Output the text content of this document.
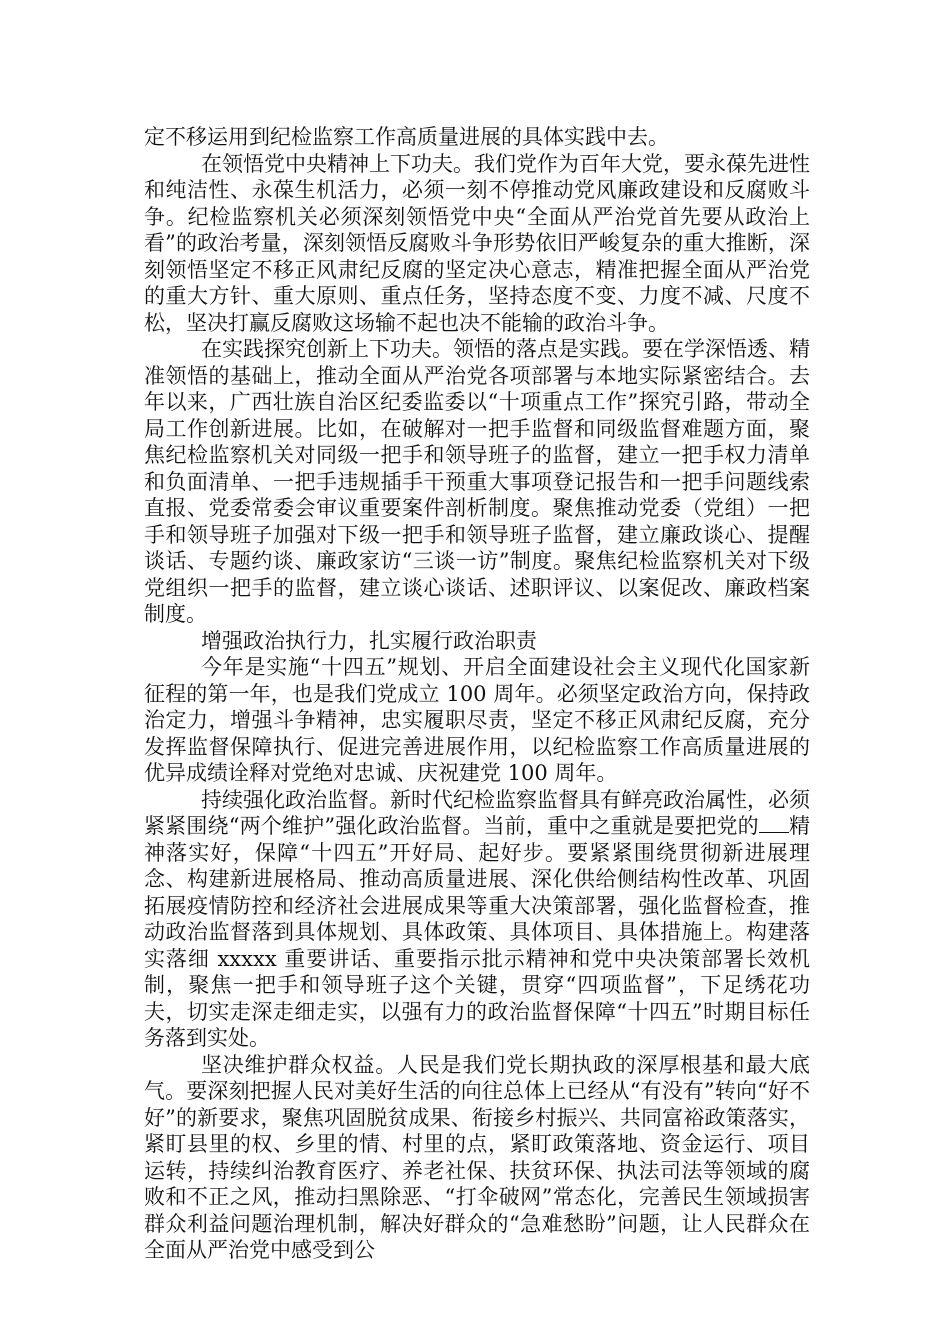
定不移运用到纪检监察工作高质量进展的具体实践中去。

在领悟党中央精神上下功夫。我们党作为百年大党，要永葆先进性和纯洁性、永葆生机活力，必须一刻不停推动党风廉政建设和反腐败斗争。纪检监察机关必须深刻领悟党中央“全面从严治党首先要从政治上看”的政治考量，深刻领悟反腐败斗争形势依旧严峻复杂的重大推断，深刻领悟坚定不移正风肃纪反腐的坚定决心意志，精准把握全面从严治党的重大方针、重大原则、重点任务，坚持态度不变、力度不减、尺度不松，坚决打赢反腐败这场输不起也决不能输的政治斗争。

在实践探究创新上下功夫。领悟的落点是实践。要在学深悟透、精准领悟的基础上，推动全面从严治党各项部署与本地实际紧密结合。去年以来，广西壮族自治区纪委监委以“十项重点工作”探究引路，带动全局工作创新进展。比如，在破解对一把手监督和同级监督难题方面，聚焦纪检监察机关对同级一把手和领导班子的监督，建立一把手权力清单和负面清单、一把手违规插手干预重大事项登记报告和一把手问题线索直报、党委常委会审议重要案件剖析制度。聚焦推动党委（党组）一把手和领导班子加强对下级一把手和领导班子监督，建立廉政谈心、提醒谈话、专题约谈、廉政家访“三谈一访”制度。聚焦纪检监察机关对下级党组织一把手的监督，建立谈心谈话、述职评议、以案促改、廉政档案制度。

增强政治执行力，扎实履行政治职责

今年是实施“十四五”规划、开启全面建设社会主义现代化国家新征程的第一年，也是我们党成立 100 周年。必须坚定政治方向，保持政治定力，增强斗争精神，忠实履职尽责，坚定不移正风肃纪反腐，充分发挥监督保障执行、促进完善进展作用，以纪检监察工作高质量进展的优异成绩诠释对党绝对忠诚、庆祝建党 100 周年。

持续强化政治监督。新时代纪检监察监督具有鲜亮政治属性，必须紧紧围绕“两个维护”强化政治监督。当前，重中之重就是要把党的 精神落实好，保障“十四五”开好局、起好步。要紧紧围绕贯彻新进展理念、构建新进展格局、推动高质量进展、深化供给侧结构性改革、巩固拓展疫情防控和经济社会进展成果等重大决策部署，强化监督检查，推动政治监督落到具体规划、具体政策、具体项目、具体措施上。构建落实落细 xxxxx 重要讲话、重要指示批示精神和党中央决策部署长效机制，聚焦一把手和领导班子这个关键，贯穿“四项监督”，下足绣花功夫，切实走深走细走实，以强有力的政治监督保障“十四五”时期目标任务落到实处。

坚决维护群众权益。人民是我们党长期执政的深厚根基和最大底气。要深刻把握人民对美好生活的向往总体上已经从“有没有”转向“好不好”的新要求，聚焦巩固脱贫成果、衔接乡村振兴、共同富裕政策落实，紧盯县里的权、乡里的情、村里的点，紧盯政策落地、资金运行、项目运转，持续纠治教育医疗、养老社保、扶贫环保、执法司法等领域的腐败和不正之风，推动扫黑除恶、“打伞破网”常态化，完善民生领域损害群众利益问题治理机制，解决好群众的“急难愁盼”问题，让人民群众在全面从严治党中感受到公
